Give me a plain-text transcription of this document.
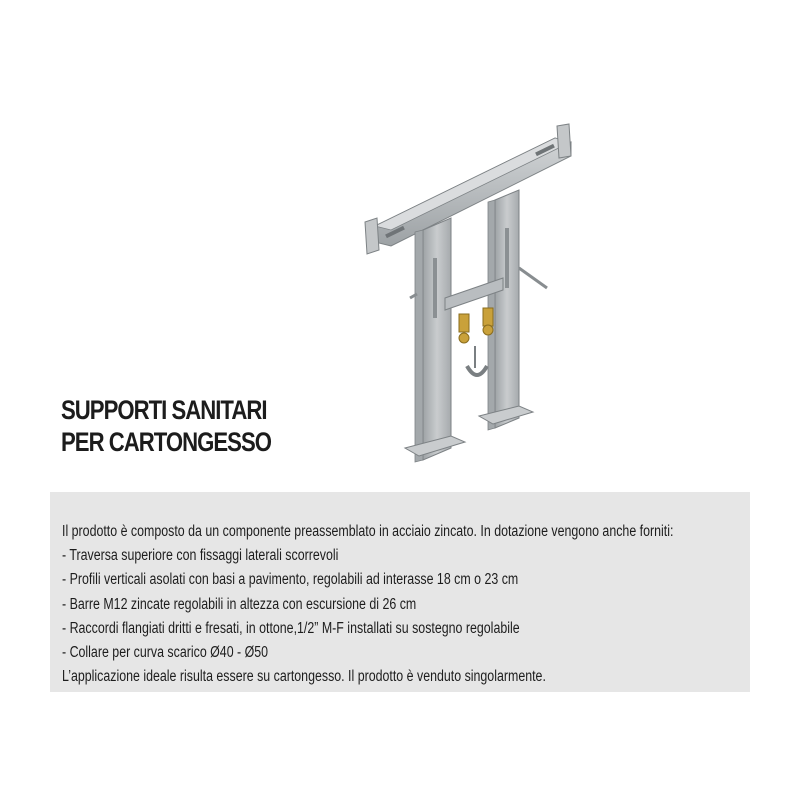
SUPPORTI SANITARI
PER CARTONGESSO
Il prodotto è composto da un componente preassemblato in acciaio zincato. In dotazione vengono anche forniti:
- Traversa superiore con fissaggi laterali scorrevoli
- Profili verticali asolati con basi a pavimento, regolabili ad interasse 18 cm o 23 cm
- Barre M12 zincate regolabili in altezza con escursione di 26 cm
- Raccordi flangiati dritti e fresati, in ottone,1/2” M-F installati su sostegno regolabile
- Collare per curva scarico Ø40 - Ø50
L’applicazione ideale risulta essere su cartongesso. Il prodotto è venduto singolarmente.
